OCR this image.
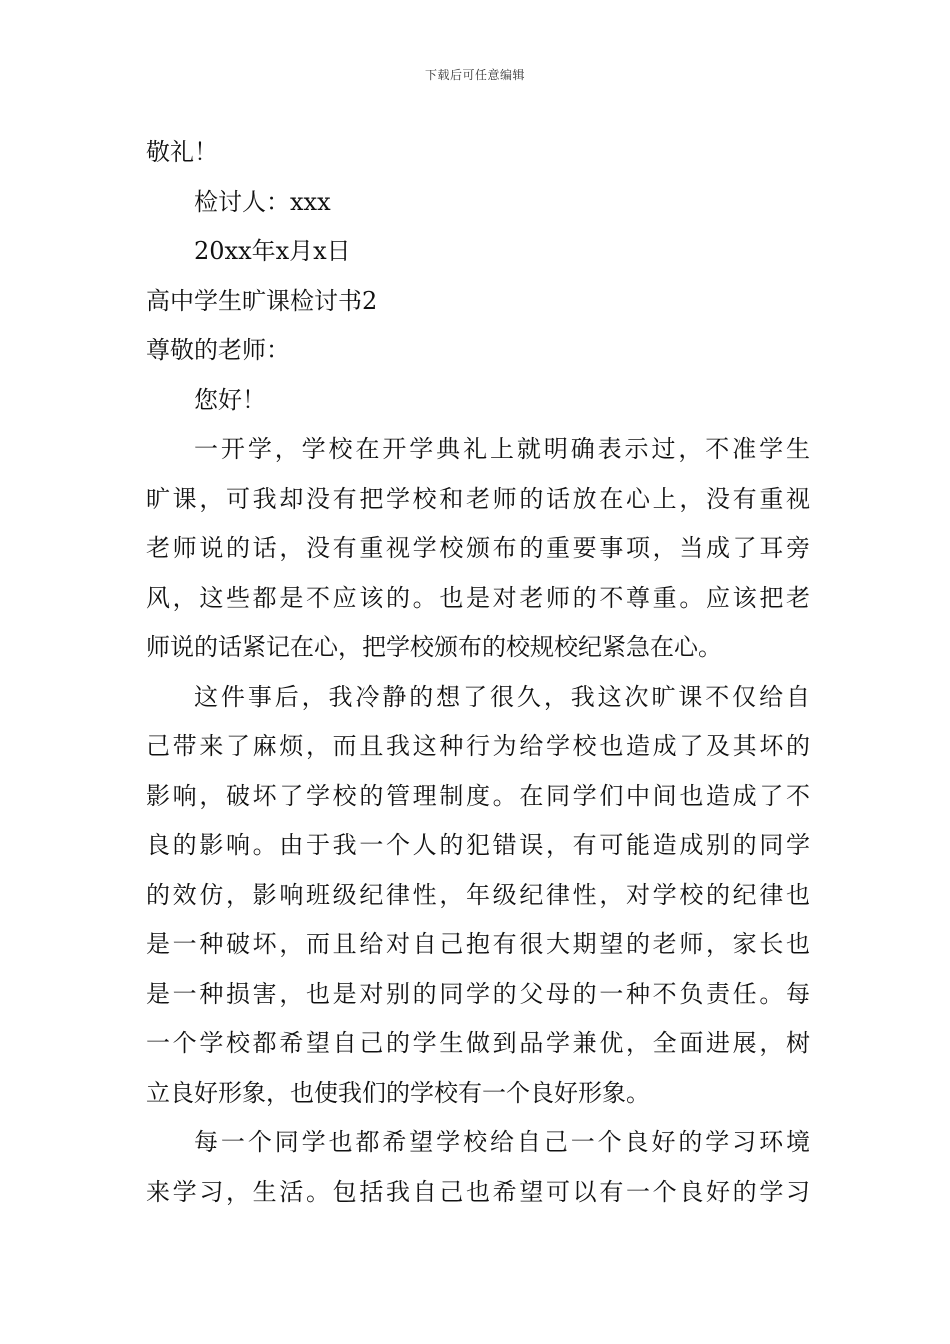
下载后可任意编辑
敬礼！
检讨人：xxx
20xx年x月x日
高中学生旷课检讨书2
尊敬的老师：
您好！
一开学，学校在开学典礼上就明确表示过，不准学生
旷课，可我却没有把学校和老师的话放在心上，没有重视
老师说的话，没有重视学校颁布的重要事项，当成了耳旁
风，这些都是不应该的。也是对老师的不尊重。应该把老
师说的话紧记在心，把学校颁布的校规校纪紧急在心。
这件事后，我冷静的想了很久，我这次旷课不仅给自
己带来了麻烦，而且我这种行为给学校也造成了及其坏的
影响，破坏了学校的管理制度。在同学们中间也造成了不
良的影响。由于我一个人的犯错误，有可能造成别的同学
的效仿，影响班级纪律性，年级纪律性，对学校的纪律也
是一种破坏，而且给对自己抱有很大期望的老师，家长也
是一种损害，也是对别的同学的父母的一种不负责任。每
一个学校都希望自己的学生做到品学兼优，全面进展，树
立良好形象，也使我们的学校有一个良好形象。
每一个同学也都希望学校给自己一个良好的学习环境
来学习，生活。包括我自己也希望可以有一个良好的学习
